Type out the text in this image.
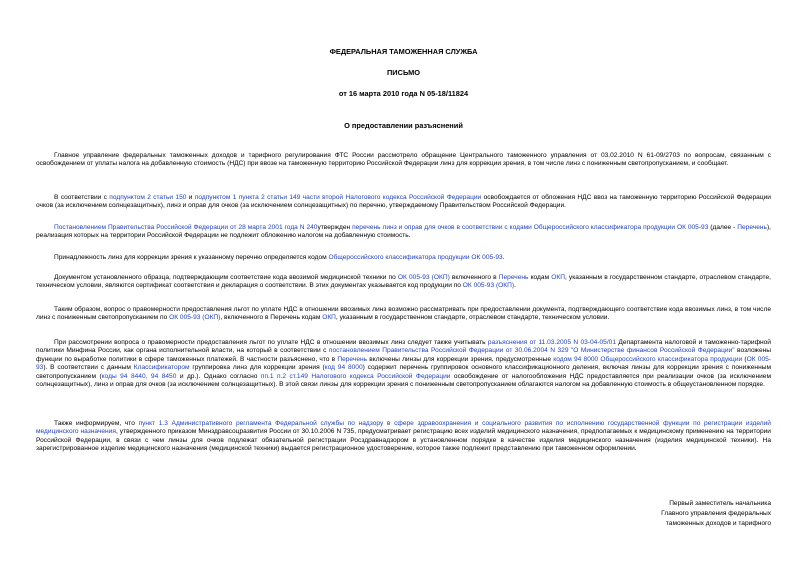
ФЕДЕРАЛЬНАЯ ТАМОЖЕННАЯ СЛУЖБА
ПИСЬМО
от 16 марта 2010 года N 05-18/11824
О предоставлении разъяснений

Главное управление федеральных таможенных доходов и тарифного регулирования ФТС России рассмотрело обращение Центрального таможенного управления от 03.02.2010 N 61-09/2703 по вопросам, связанным с освобождением от уплаты налога на добавленную стоимость (НДС) при ввозе на таможенную территорию Российской Федерации линз для коррекции зрения, в том числе линз с пониженным светопропусканием, и сообщает.

В соответствии с подпунктом 2 статьи 150 и подпунктом 1 пункта 2 статьи 149 части второй Налогового кодекса Российской Федерации освобождается от обложения НДС ввоз на таможенную территорию Российской Федерации очков (за исключением солнцезащитных), линз и оправ для очков (за исключением солнцезащитных) по перечню, утверждаемому Правительством Российской Федерации.

Постановлением Правительства Российской Федерации от 28 марта 2001 года N 240утвержден перечень линз и оправ для очков в соответствии с кодами Общероссийского классификатора продукции ОК 005-93 (далее - Перечень), реализация которых на территории Российской Федерации не подлежит обложению налогом на добавленную стоимость.

Принадлежность линз для коррекции зрения к указанному перечню определяется кодом Общероссийского классификатора продукции ОК 005-93.

Документом установленного образца, подтверждающим соответствие кода ввозимой медицинской техники по ОК 005-93 (ОКП) включенного в Перечень кодам ОКП, указанным в государственном стандарте, отраслевом стандарте, техническом условии, являются сертификат соответствия и декларация о соответствии. В этих документах указывается код продукции по ОК 005-93 (ОКП).

Таким образом, вопрос о правомерности предоставления льгот по уплате НДС в отношении ввозимых линз возможно рассматривать при предоставлении документа, подтверждающего соответствие кода ввозимых линз, в том числе линз с пониженным светопропусканием по ОК 005-93 (ОКП), включенного в Перечень кодам ОКП, указанным в государственном стандарте, отраслевом стандарте, техническом условии.

При рассмотрении вопроса о правомерности предоставления льгот по уплате НДС в отношении ввозимых линз следует также учитывать разъяснения от 11.03.2005 N 03-04-05/01 Департамента налоговой и таможенно-тарифной политики Минфина России, как органа исполнительной власти, на который в соответствии с постановлением Правительства Российской Федерации от 30.06.2004 N 329 "О Министерстве финансов Российской Федерации" возложены функции по выработке политики в сфере таможенных платежей. В частности разъяснено, что в Перечень включены линзы для коррекции зрения, предусмотренные кодом 94 8000 Общероссийского классификатора продукции (ОК 005-93). В соответствии с данным Классификатором группировка линз для коррекции зрения (код 94 8000) содержит перечень группировок основного классификационного деления, включая линзы для коррекции зрения с пониженным светопропусканием (коды 94 8440, 94 8450 и др.). Однако согласно пп.1 п.2 ст.149 Налогового кодекса Российской Федерации освобождение от налогообложения НДС предоставляется при реализации очков (за исключением солнцезащитных), линз и оправ для очков (за исключением солнцезащитных). В этой связи линзы для коррекции зрения с пониженным светопропусканием облагаются налогом на добавленную стоимость в общеустановленном порядке.

Также информируем, что пункт 1.3 Административного регламента Федеральной службы по надзору в сфере здравоохранения и социального развития по исполнению государственной функции по регистрации изделий медицинского назначения, утвержденного приказом Минздравсоцразвития России от 30.10.2006 N 735, предусматривает регистрацию всех изделий медицинского назначения, предполагаемых к медицинскому применению на территории Российской Федерации, в связи с чем линзы для очков подлежат обязательной регистрации Росздравнадзором в установленном порядке в качестве изделия медицинского назначения (изделия медицинской техники). На зарегистрированное изделие медицинского назначения (медицинской техники) выдается регистрационное удостоверение, которое также подлежит представлению при таможенном оформлении.

Первый заместитель начальника
Главного управления федеральных
таможенных доходов и тарифного
